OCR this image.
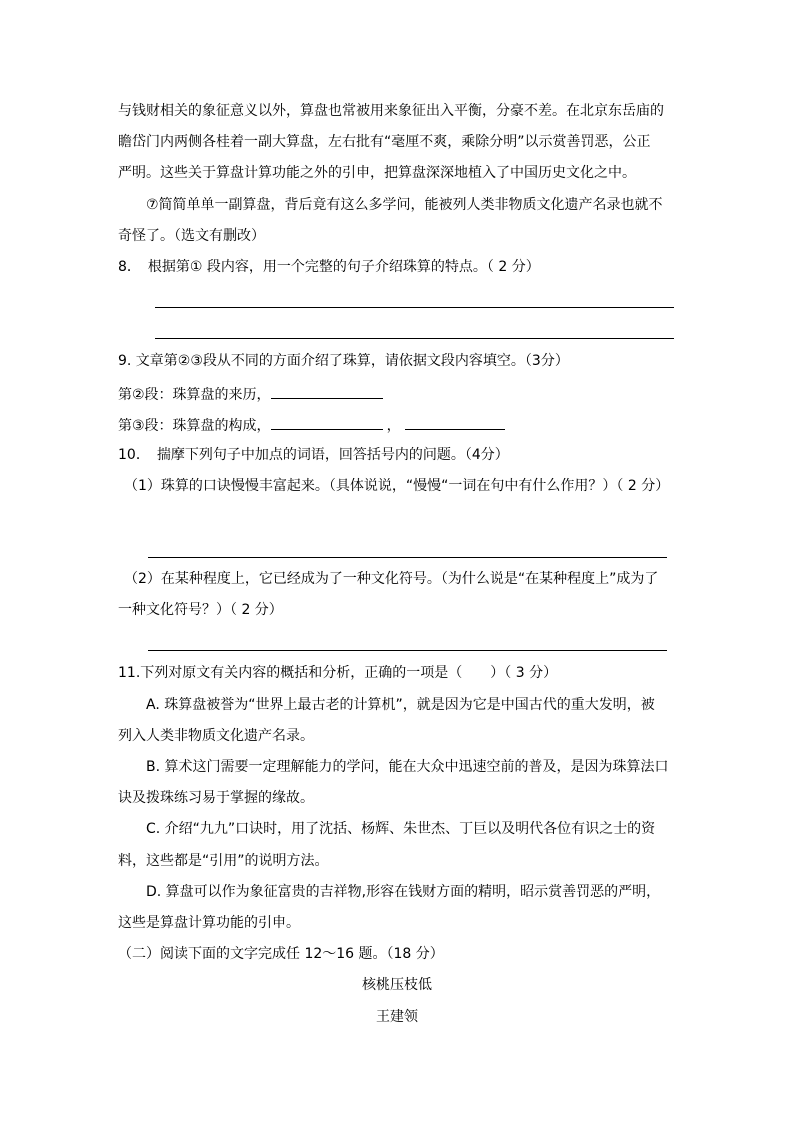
与钱财相关的象征意义以外，算盘也常被用来象征出入平衡，分豪不差。在北京东岳庙的
瞻岱门内两侧各桂着一副大算盘，左右批有“毫厘不爽，乘除分明”以示赏善罚恶，公正
严明。这些关于算盘计算功能之外的引申，把算盘深深地植入了中国历史文化之中。
⑦简简单单一副算盘，背后竟有这么多学问，能被列人类非物质文化遗产名录也就不
奇怪了。（选文有删改）
8．　根据第① 段内容，用一个完整的句子介绍珠算的特点。（ 2 分）
9. 文章第②③段从不同的方面介绍了珠算，请依据文段内容填空。（3分）
第②段：珠算盘的来历，
第③段：珠算盘的构成，	，
10．　揣摩下列句子中加点的词语，回答括号内的问题。（4分）
（1）珠算的口诀慢慢丰富起来。（具体说说，“慢慢“一词在句中有什么作用？）（ 2 分）
（2）在某种程度上，它已经成为了一种文化符号。（为什么说是“在某种程度上”成为了
一种文化符号？）（ 2 分）
11.下列对原文有关内容的概括和分析，正确的一项是（　　）（ 3 分）
A. 珠算盘被誉为“世界上最古老的计算机”，就是因为它是中国古代的重大发明，被
列入人类非物质文化遗产名录。
B. 算术这门需要一定理解能力的学问，能在大众中迅速空前的普及，是因为珠算法口
诀及拨珠练习易于掌握的缘故。
C. 介绍“九九”口诀时，用了沈括、杨辉、朱世杰、丁巨以及明代各位有识之士的资
料，这些都是“引用”的说明方法。
D. 算盘可以作为象征富贵的吉祥物,形容在钱财方面的精明，昭示赏善罚恶的严明，
这些是算盘计算功能的引申。
（二）阅读下面的文字完成任 12～16 题。（18 分）
核桃压枝低
王建领
